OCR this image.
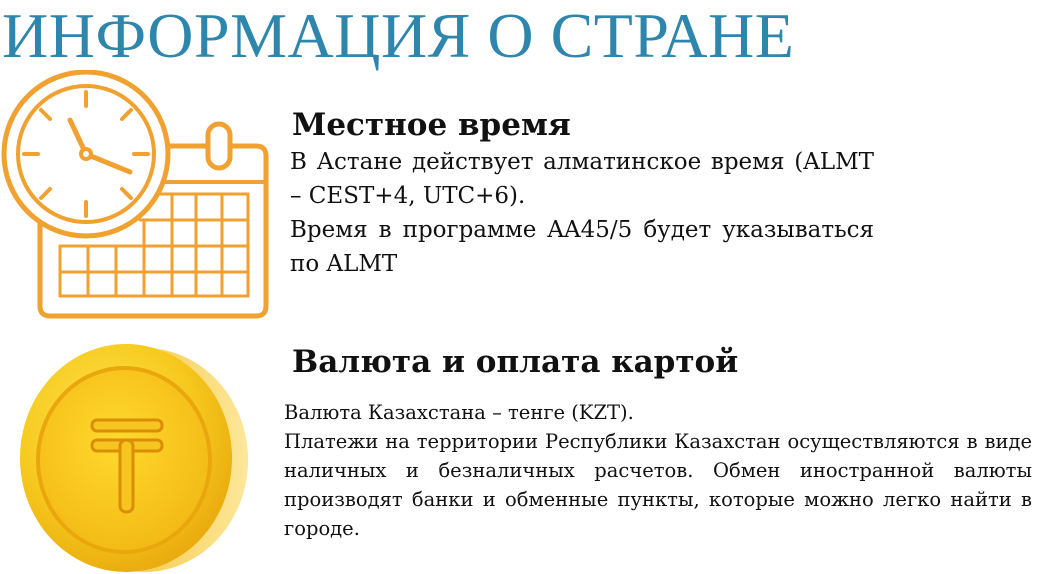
ИНФОРМАЦИЯ О СТРАНЕ
Местное время
В Астане действует алматинское время (ALMT – CEST+4, UTC+6).
Время в программе AA45/5 будет указываться по ALMT
Валюта и оплата картой
Валюта Казахстана – тенге (KZT).
Платежи на территории Республики Казахстан осуществляются в виде наличных и безналичных расчетов. Обмен иностранной валюты производят банки и обменные пункты, которые можно легко найти в городе.
